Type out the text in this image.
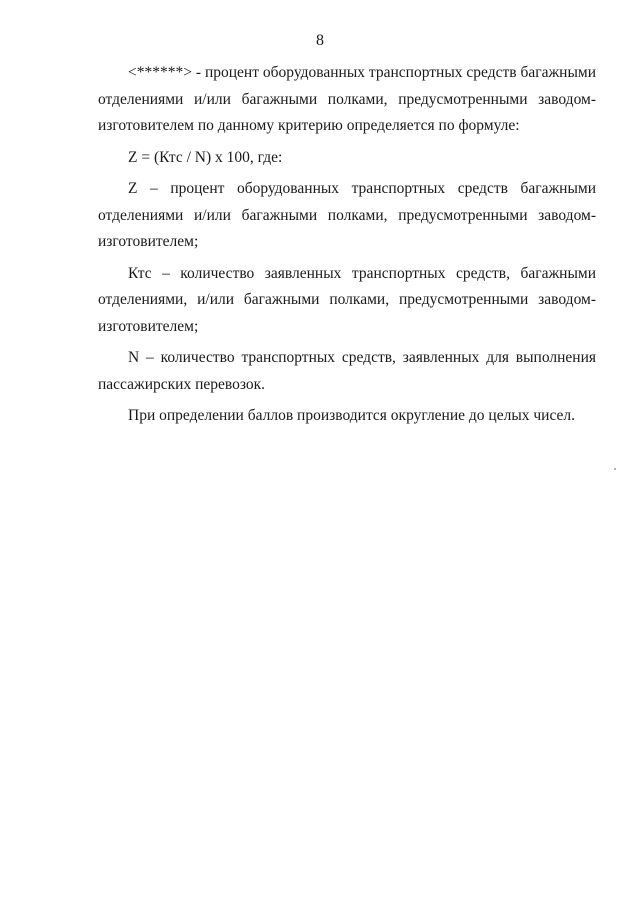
8

<******> - процент оборудованных транспортных средств багажными отделениями и/или багажными полками, предусмотренными заводом-изготовителем по данному критерию определяется по формуле:

Z = (Ктс / N) x 100, где:

Z – процент оборудованных транспортных средств багажными отделениями и/или багажными полками, предусмотренными заводом-изготовителем;

Ктс – количество заявленных транспортных средств, багажными отделениями, и/или багажными полками, предусмотренными заводом-изготовителем;

N – количество транспортных средств, заявленных для выполнения пассажирских перевозок.

При определении баллов производится округление до целых чисел.
